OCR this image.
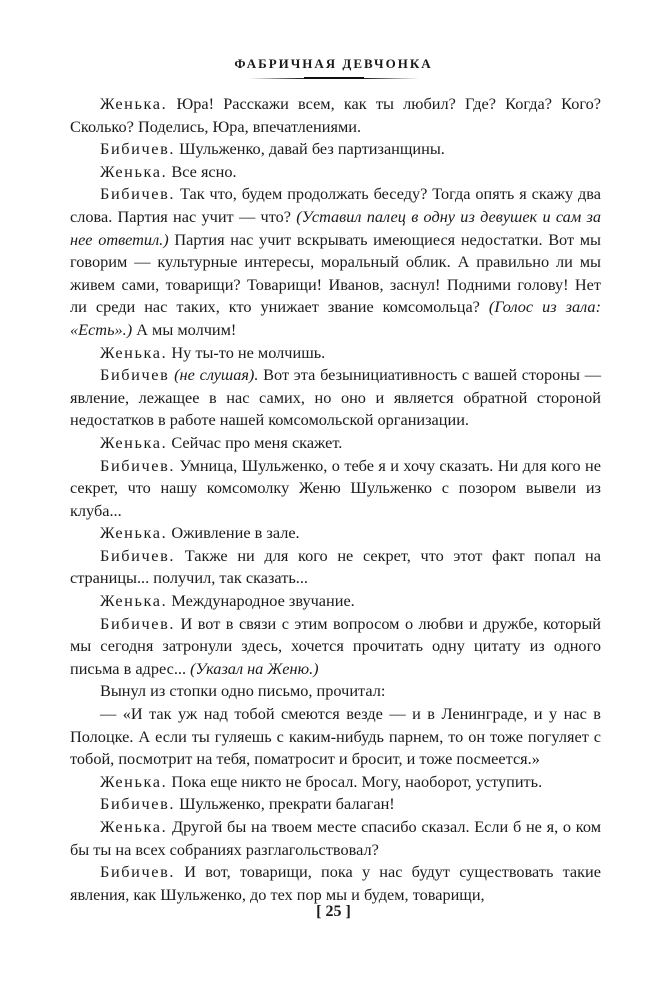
ФАБРИЧНАЯ ДЕВЧОНКА

Женька. Юра! Расскажи всем, как ты любил? Где? Когда? Кого? Сколько? Поделись, Юра, впечатлениями.

Бибичев. Шульженко, давай без партизанщины.

Женька. Все ясно.

Бибичев. Так что, будем продолжать беседу? Тогда опять я скажу два слова. Партия нас учит — что? (Уставил палец в одну из девушек и сам за нее ответил.) Партия нас учит вскрывать имеющиеся недостатки. Вот мы говорим — культурные интересы, моральный облик. А правильно ли мы живем сами, товарищи? Товарищи! Иванов, заснул! Подними голову! Нет ли среди нас таких, кто унижает звание комсомольца? (Голос из зала: «Есть».) А мы молчим!

Женька. Ну ты-то не молчишь.

Бибичев (не слушая). Вот эта безынициативность с вашей стороны — явление, лежащее в нас самих, но оно и является обратной стороной недостатков в работе нашей комсомольской организации.

Женька. Сейчас про меня скажет.

Бибичев. Умница, Шульженко, о тебе я и хочу сказать. Ни для кого не секрет, что нашу комсомолку Женю Шульженко с позором вывели из клуба...

Женька. Оживление в зале.

Бибичев. Также ни для кого не секрет, что этот факт попал на страницы... получил, так сказать...

Женька. Международное звучание.

Бибичев. И вот в связи с этим вопросом о любви и дружбе, который мы сегодня затронули здесь, хочется прочитать одну цитату из одного письма в адрес... (Указал на Женю.)

Вынул из стопки одно письмо, прочитал:

— «И так уж над тобой смеются везде — и в Ленинграде, и у нас в Полоцке. А если ты гуляешь с каким-нибудь парнем, то он тоже погуляет с тобой, посмотрит на тебя, поматросит и бросит, и тоже посмеется.»

Женька. Пока еще никто не бросал. Могу, наоборот, уступить.

Бибичев. Шульженко, прекрати балаган!

Женька. Другой бы на твоем месте спасибо сказал. Если б не я, о ком бы ты на всех собраниях разглагольствовал?

Бибичев. И вот, товарищи, пока у нас будут существовать такие явления, как Шульженко, до тех пор мы и будем, товарищи,

[ 25 ]
